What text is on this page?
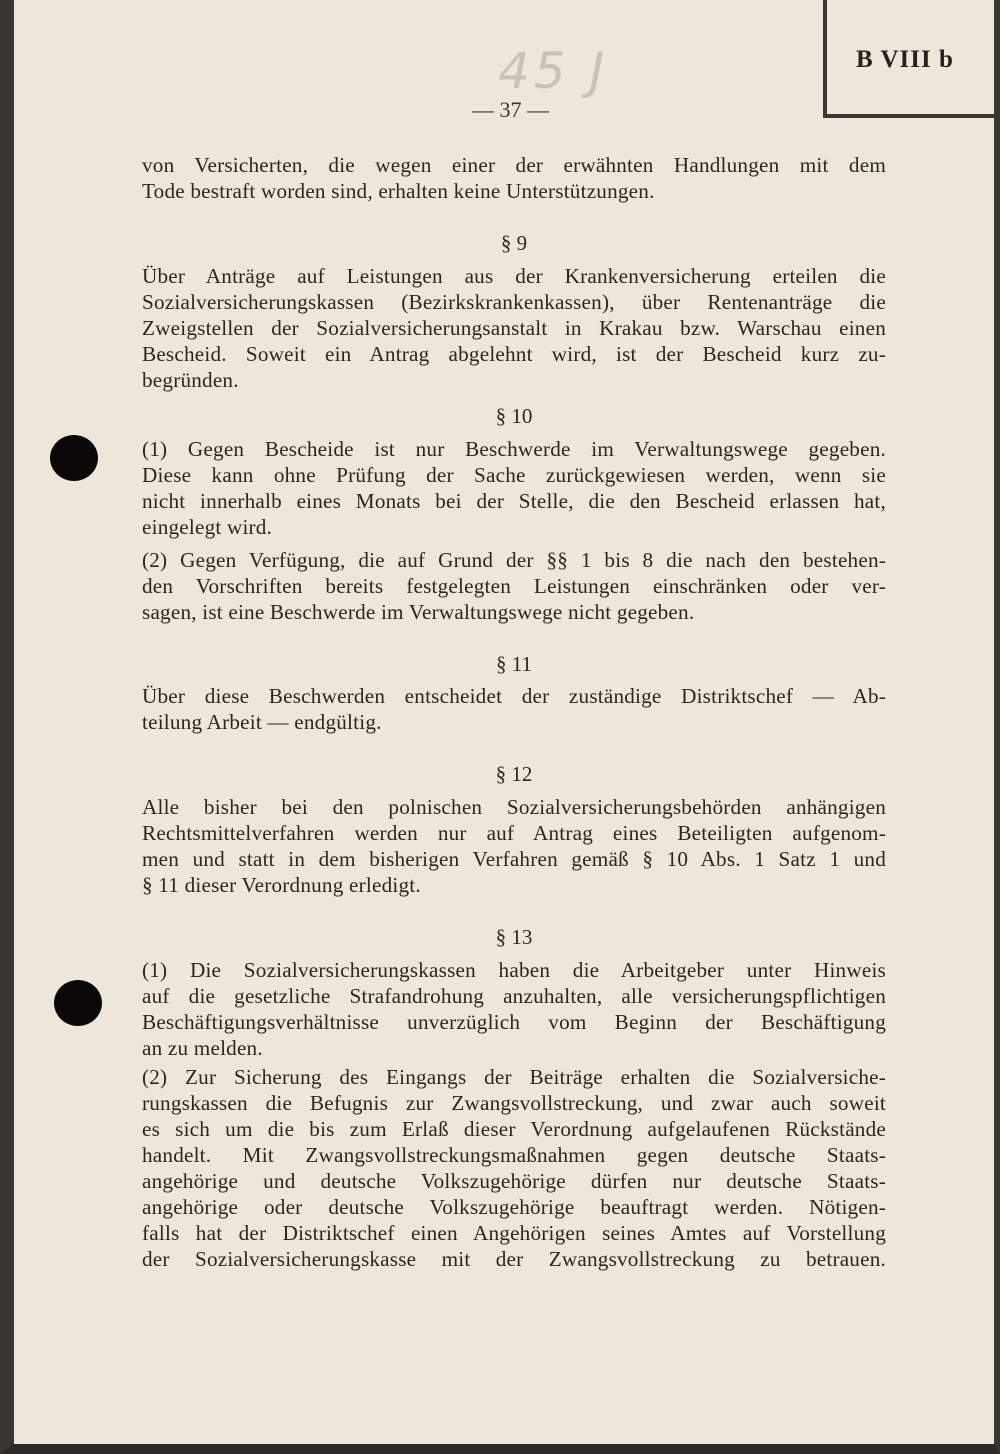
B VIII b
45 J
— 37 —
von Versicherten, die wegen einer der erwähnten Handlungen mit dem
Tode bestraft worden sind, erhalten keine Unterstützungen.
§ 9
Über Anträge auf Leistungen aus der Krankenversicherung erteilen die
Sozialversicherungskassen (Bezirkskrankenkassen), über Rentenanträge die
Zweigstellen der Sozialversicherungsanstalt in Krakau bzw. Warschau einen
Bescheid. Soweit ein Antrag abgelehnt wird, ist der Bescheid kurz zu-
begründen.
§ 10
(1) Gegen Bescheide ist nur Beschwerde im Verwaltungswege gegeben.
Diese kann ohne Prüfung der Sache zurückgewiesen werden, wenn sie
nicht innerhalb eines Monats bei der Stelle, die den Bescheid erlassen hat,
eingelegt wird.
(2) Gegen Verfügung, die auf Grund der §§ 1 bis 8 die nach den bestehen-
den Vorschriften bereits festgelegten Leistungen einschränken oder ver-
sagen, ist eine Beschwerde im Verwaltungswege nicht gegeben.
§ 11
Über diese Beschwerden entscheidet der zuständige Distriktschef — Ab-
teilung Arbeit — endgültig.
§ 12
Alle bisher bei den polnischen Sozialversicherungsbehörden anhängigen
Rechtsmittelverfahren werden nur auf Antrag eines Beteiligten aufgenom-
men und statt in dem bisherigen Verfahren gemäß § 10 Abs. 1 Satz 1 und
§ 11 dieser Verordnung erledigt.
§ 13
(1) Die Sozialversicherungskassen haben die Arbeitgeber unter Hinweis
auf die gesetzliche Strafandrohung anzuhalten, alle versicherungspflichtigen
Beschäftigungsverhältnisse unverzüglich vom Beginn der Beschäftigung
an zu melden.
(2) Zur Sicherung des Eingangs der Beiträge erhalten die Sozialversiche-
rungskassen die Befugnis zur Zwangsvollstreckung, und zwar auch soweit
es sich um die bis zum Erlaß dieser Verordnung aufgelaufenen Rückstände
handelt. Mit Zwangsvollstreckungsmaßnahmen gegen deutsche Staats-
angehörige und deutsche Volkszugehörige dürfen nur deutsche Staats-
angehörige oder deutsche Volkszugehörige beauftragt werden. Nötigen-
falls hat der Distriktschef einen Angehörigen seines Amtes auf Vorstellung
der Sozialversicherungskasse mit der Zwangsvollstreckung zu betrauen.
